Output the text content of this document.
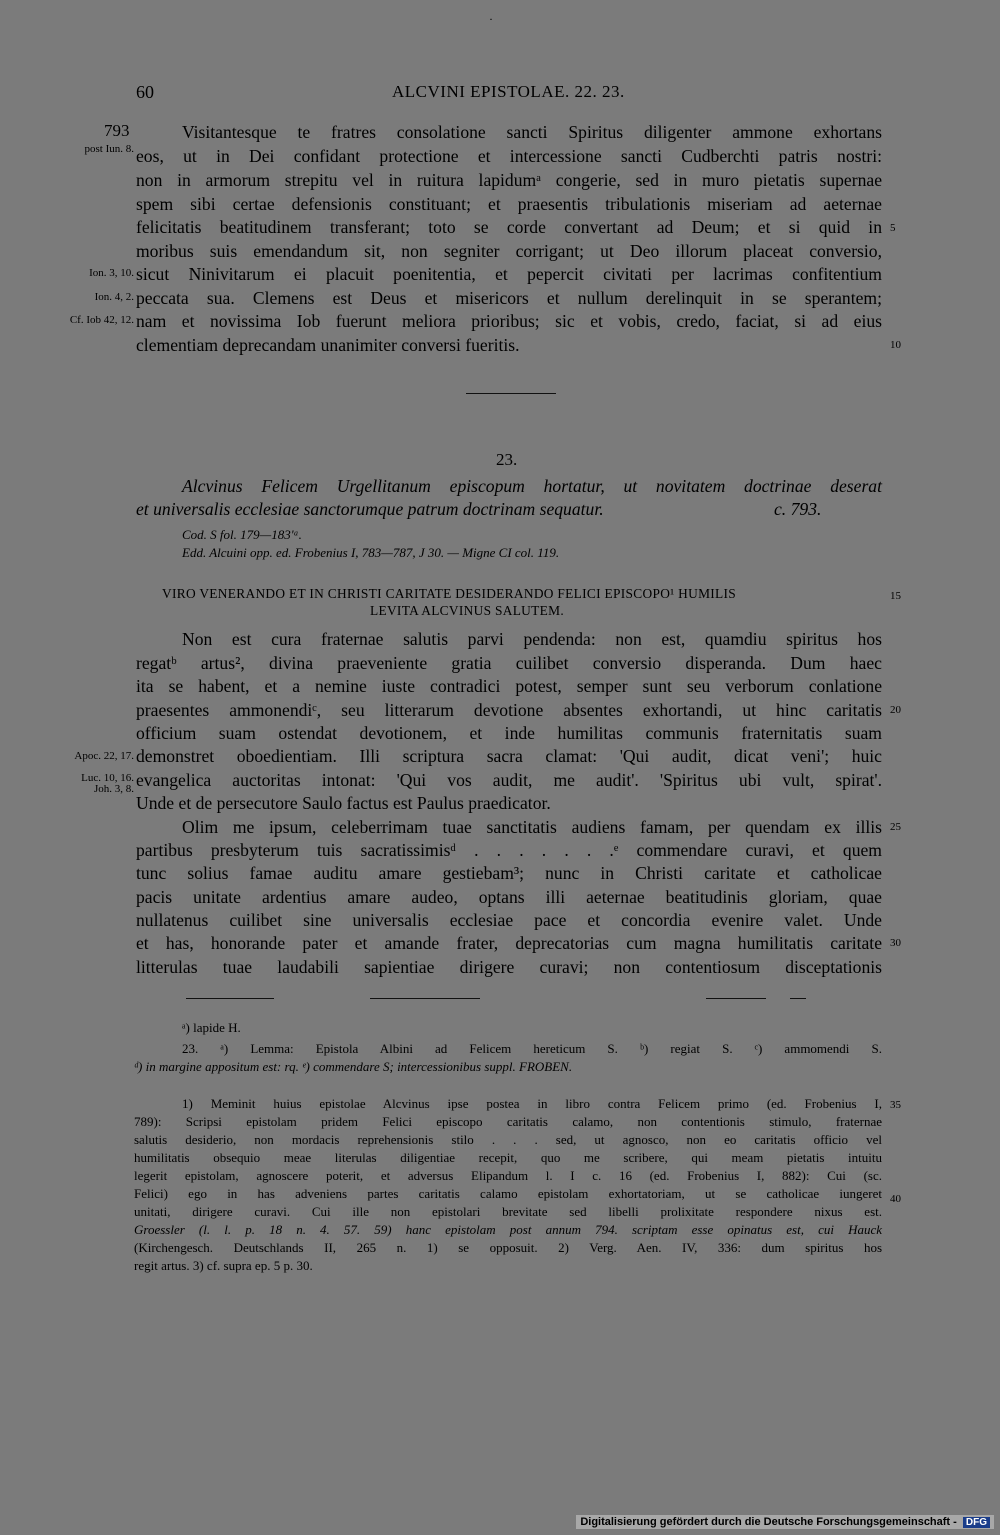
·
60	ALCVINI EPISTOLAE. 22. 23.
793
post Iun. 8.
Ion. 3, 10.
Ion. 4, 2.
Cf. Iob 42, 12.
Visitantesque te fratres consolatione sancti Spiritus diligenter ammone exhortans
eos, ut in Dei confidant protectione et intercessione sancti Cudberchti patris nostri:
non in armorum strepitu vel in ruitura lapidumᵃ congerie, sed in muro pietatis supernae
spem sibi certae defensionis constituant; et praesentis tribulationis miseriam ad aeternae
felicitatis beatitudinem transferant; toto se corde convertant ad Deum; et si quid in
moribus suis emendandum sit, non segniter corrigant; ut Deo illorum placeat conversio,
sicut Ninivitarum ei placuit poenitentia, et pepercit civitati per lacrimas confitentium
peccata sua. Clemens est Deus et misericors et nullum derelinquit in se sperantem;
nam et novissima Iob fuerunt meliora prioribus; sic et vobis, credo, faciat, si ad eius
clementiam deprecandam unanimiter conversi fueritis.
5
10
23.
Alcvinus Felicem Urgellitanum episcopum hortatur, ut novitatem doctrinae deserat
et universalis ecclesiae sanctorumque patrum doctrinam sequatur.	c. 793.
Cod. S fol. 179—183'ᵃ.
Edd. Alcuini opp. ed. Frobenius I, 783—787, J 30. — Migne CI col. 119.
VIRO VENERANDO ET IN CHRISTI CARITATE DESIDERANDO FELICI EPISCOPO¹ HUMILIS
LEVITA ALCVINUS SALUTEM.
15
Non est cura fraternae salutis parvi pendenda: non est, quamdiu spiritus hos
regatᵇ artus², divina praeveniente gratia cuilibet conversio disperanda. Dum haec
ita se habent, et a nemine iuste contradici potest, semper sunt seu verborum conlatione
praesentes ammonendiᶜ, seu litterarum devotione absentes exhortandi, ut hinc caritatis
officium suam ostendat devotionem, et inde humilitas communis fraternitatis suam
demonstret oboedientiam. Illi scriptura sacra clamat: 'Qui audit, dicat veni'; huic
evangelica auctoritas intonat: 'Qui vos audit, me audit'. 'Spiritus ubi vult, spirat'.
Unde et de persecutore Saulo factus est Paulus praedicator.
Olim me ipsum, celeberrimam tuae sanctitatis audiens famam, per quendam ex illis
partibus presbyterum tuis sacratissimisᵈ . . . . . . .ᵉ commendare curavi, et quem
tunc solius famae auditu amare gestiebam³; nunc in Christi caritate et catholicae
pacis unitate ardentius amare audeo, optans illi aeternae beatitudinis gloriam, quae
nullatenus cuilibet sine universalis ecclesiae pace et concordia evenire valet. Unde
et has, honorande pater et amande frater, deprecatorias cum magna humilitatis caritate
litterulas tuae laudabili sapientiae dirigere curavi; non contentiosum disceptationis
Apoc. 22, 17.
Luc. 10, 16.
Joh. 3, 8.
20
25
30
ᵃ) lapide H.
23. ᵃ) Lemma: Epistola Albini ad Felicem hereticum S. ᵇ) regiat S. ᶜ) ammomendi S.
ᵈ) in margine appositum est: rq. ᵉ) commendare S; intercessionibus suppl. FROBEN.
1) Meminit huius epistolae Alcvinus ipse postea in libro contra Felicem primo (ed. Frobenius I,
789): Scripsi epistolam pridem Felici episcopo caritatis calamo, non contentionis stimulo, fraternae
salutis desiderio, non mordacis reprehensionis stilo . . . sed, ut agnosco, non eo caritatis officio vel
humilitatis obsequio meae literulas diligentiae recepit, quo me scribere, qui meam pietatis intuitu
legerit epistolam, agnoscere poterit, et adversus Elipandum l. I c. 16 (ed. Frobenius I, 882): Cui (sc.
Felici) ego in has adveniens partes caritatis calamo epistolam exhortatoriam, ut se catholicae iungeret
unitati, dirigere curavi. Cui ille non epistolari brevitate sed libelli prolixitate respondere nixus est.
Groessler (l. l. p. 18 n. 4. 57. 59) hanc epistolam post annum 794. scriptam esse opinatus est, cui Hauck
(Kirchengesch. Deutschlands II, 265 n. 1) se opposuit. 2) Verg. Aen. IV, 336: dum spiritus hos
regit artus. 3) cf. supra ep. 5 p. 30.
35
40
Digitalisierung gefördert durch die Deutsche Forschungsgemeinschaft - DFG
